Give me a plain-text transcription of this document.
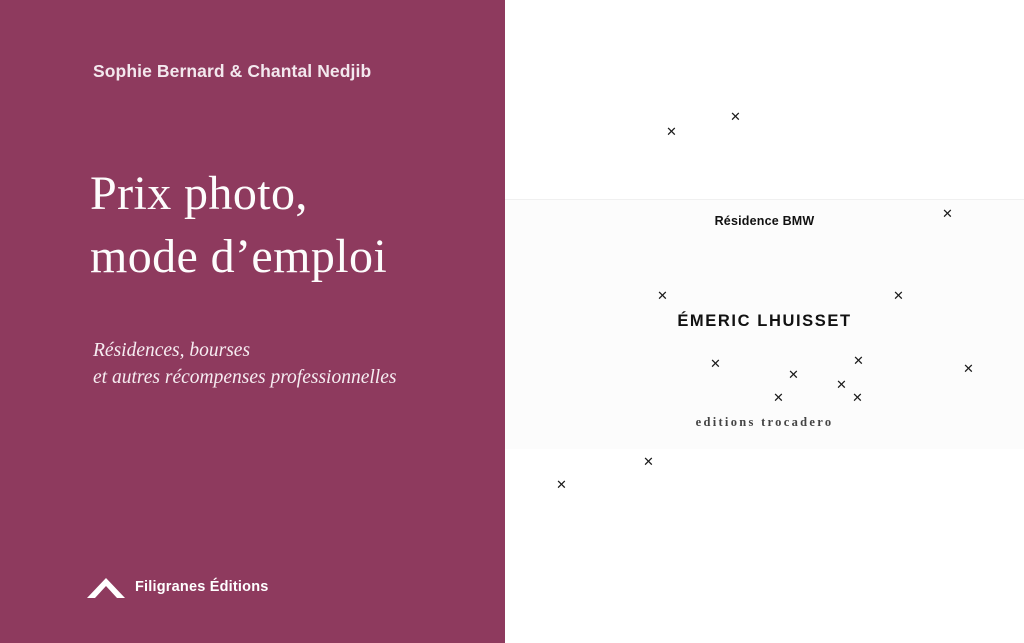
Sophie Bernard & Chantal Nedjib
Prix photo,
mode d’emploi
Résidences, bourses
et autres récompenses professionnelles
Filigranes Éditions
Résidence BMW
ÉMERIC LHUISSET
editions trocadero
✕
✕
✕
✕	✕
✕	✕
✕	✕
✕
✕	✕
✕
✕
